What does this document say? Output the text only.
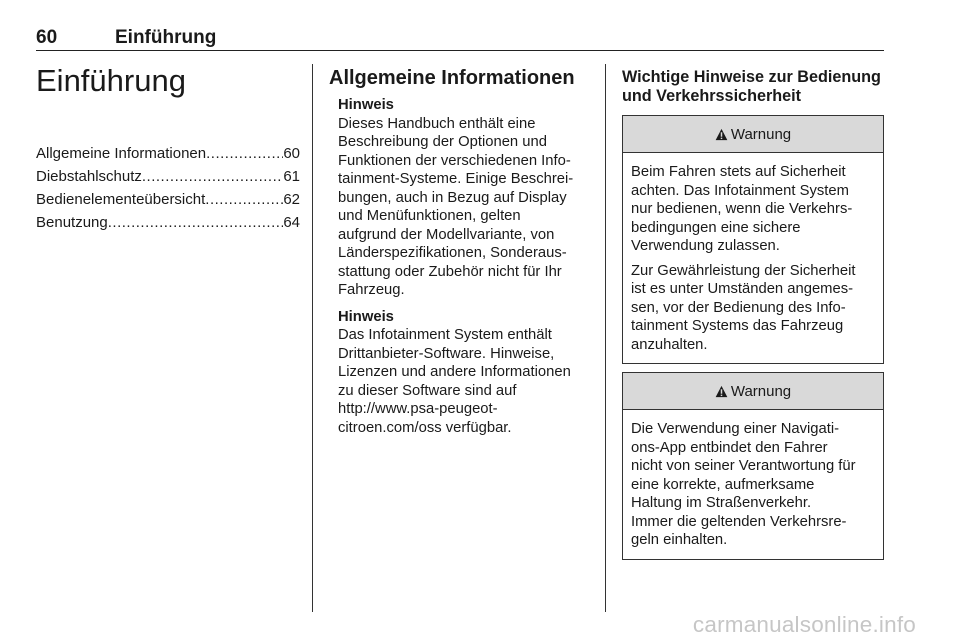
60	Einführung
Einführung
Allgemeine Informationen .....	60
Diebstahlschutz .....	61
Bedienelementeübersicht .....	62
Benutzung .....	64
Allgemeine Informationen
Hinweis
Dieses Handbuch enthält eine
Beschreibung der Optionen und
Funktionen der verschiedenen Info-
tainment-Systeme. Einige Beschrei-
bungen, auch in Bezug auf Display
und Menüfunktionen, gelten
aufgrund der Modellvariante, von
Länderspezifikationen, Sonderaus-
stattung oder Zubehör nicht für Ihr
Fahrzeug.
Hinweis
Das Infotainment System enthält
Drittanbieter-Software. Hinweise,
Lizenzen und andere Informationen
zu dieser Software sind auf
http://www.psa-peugeot-
citroen.com/oss verfügbar.
Wichtige Hinweise zur Bedienung
und Verkehrssicherheit
Warnung

Beim Fahren stets auf Sicherheit
achten. Das Infotainment System
nur bedienen, wenn die Verkehrs-
bedingungen eine sichere
Verwendung zulassen.

Zur Gewährleistung der Sicherheit
ist es unter Umständen angemes-
sen, vor der Bedienung des Info-
tainment Systems das Fahrzeug
anzuhalten.

Warnung

Die Verwendung einer Navigati-
ons-App entbindet den Fahrer
nicht von seiner Verantwortung für
eine korrekte, aufmerksame
Haltung im Straßenverkehr.
Immer die geltenden Verkehrsre-
geln einhalten.

carmanualsonline.info
